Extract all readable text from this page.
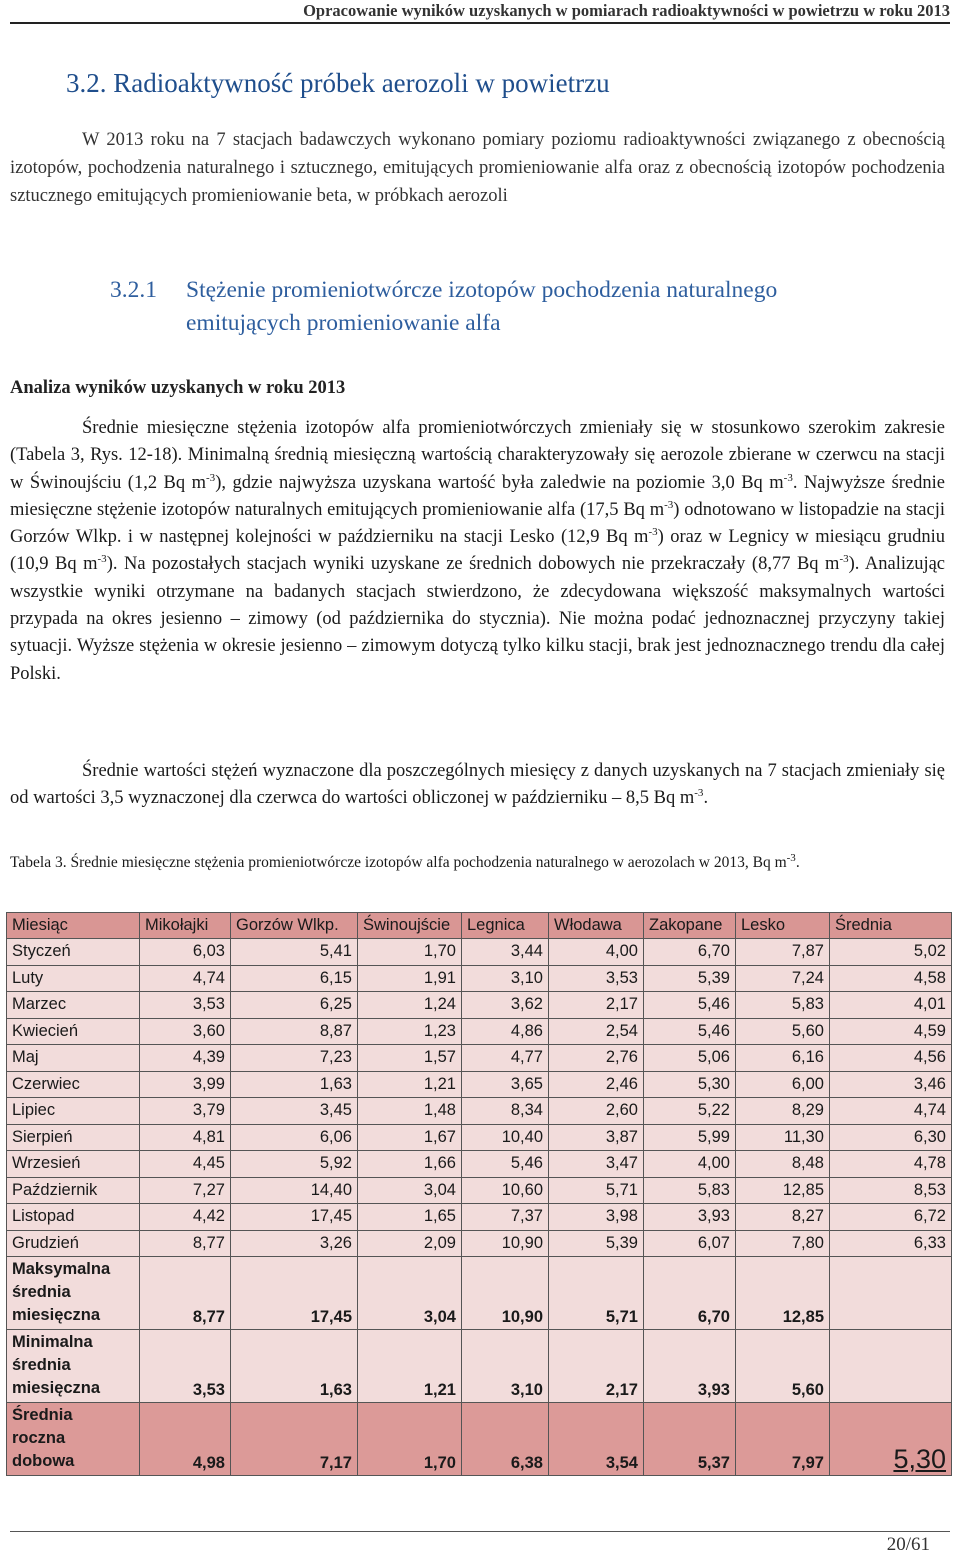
Opracowanie wyników uzyskanych w pomiarach radioaktywności w powietrzu w roku 2013
3.2. Radioaktywność próbek aerozoli w powietrzu

W 2013 roku na 7 stacjach badawczych wykonano pomiary poziomu radioaktywności związanego z obecnością izotopów, pochodzenia naturalnego i sztucznego, emitujących promieniowanie alfa oraz z obecnością izotopów pochodzenia sztucznego emitujących promieniowanie beta, w próbkach aerozoli

3.2.1 Stężenie promieniotwórcze izotopów pochodzenia naturalnego
emitujących promieniowanie alfa
Analiza wyników uzyskanych w roku 2013

Średnie miesięczne stężenia izotopów alfa promieniotwórczych zmieniały się w stosunkowo szerokim zakresie (Tabela 3, Rys. 12-18). Minimalną średnią miesięczną wartością charakteryzowały się aerozole zbierane w czerwcu na stacji w Świnoujściu (1,2 Bq $m^{-3}$), gdzie najwyższa uzyskana wartość była zaledwie na poziomie 3,0 Bq $m^{-3}$. Najwyższe średnie miesięczne stężenie izotopów naturalnych emitujących promieniowanie alfa (17,5 Bq $m^{-3}$) odnotowano w listopadzie na stacji Gorzów Wlkp. i w następnej kolejności w październiku na stacji Lesko (12,9 Bq $m^{-3}$) oraz w Legnicy w miesiącu grudniu (10,9 Bq $m^{-3}$). Na pozostałych stacjach wyniki uzyskane ze średnich dobowych nie przekraczały (8,77 Bq $m^{-3}$). Analizując wszystkie wyniki otrzymane na badanych stacjach stwierdzono, że zdecydowana większość maksymalnych wartości przypada na okres jesienno – zimowy (od października do stycznia). Nie można podać jednoznacznej przyczyny takiej sytuacji. Wyższe stężenia w okresie jesienno – zimowym dotyczą tylko kilku stacji, brak jest jednoznacznego trendu dla całej Polski.

Średnie wartości stężeń wyznaczone dla poszczególnych miesięcy z danych uzyskanych na 7 stacjach zmieniały się od wartości 3,5 wyznaczonej dla czerwca do wartości obliczonej w październiku – 8,5 Bq $m^{-3}$.

Tabela 3. Średnie miesięczne stężenia promieniotwórcze izotopów alfa pochodzenia naturalnego w aerozolach w 2013, Bq $m^{-3}$.

Miesiąc	Mikołajki	Gorzów Wlkp.	Świnoujście	Legnica	Włodawa	Zakopane	Lesko	Średnia
Styczeń	6,03	5,41	1,70	3,44	4,00	6,70	7,87	5,02
Luty	4,74	6,15	1,91	3,10	3,53	5,39	7,24	4,58
Marzec	3,53	6,25	1,24	3,62	2,17	5,46	5,83	4,01
Kwiecień	3,60	8,87	1,23	4,86	2,54	5,46	5,60	4,59
Maj	4,39	7,23	1,57	4,77	2,76	5,06	6,16	4,56
Czerwiec	3,99	1,63	1,21	3,65	2,46	5,30	6,00	3,46
Lipiec	3,79	3,45	1,48	8,34	2,60	5,22	8,29	4,74
Sierpień	4,81	6,06	1,67	10,40	3,87	5,99	11,30	6,30
Wrzesień	4,45	5,92	1,66	5,46	3,47	4,00	8,48	4,78
Październik	7,27	14,40	3,04	10,60	5,71	5,83	12,85	8,53
Listopad	4,42	17,45	1,65	7,37	3,98	3,93	8,27	6,72
Grudzień	8,77	3,26	2,09	10,90	5,39	6,07	7,80	6,33

Maksymalna
średnia
miesięczna	8,77	17,45	3,04	10,90	5,71	6,70	12,85	

Minimalna
średnia
miesięczna	3,53	1,63	1,21	3,10	2,17	3,93	5,60	

Średnia
roczna
dobowa	4,98	7,17	1,70	6,38	3,54	5,37	7,97	5,30
20/61
